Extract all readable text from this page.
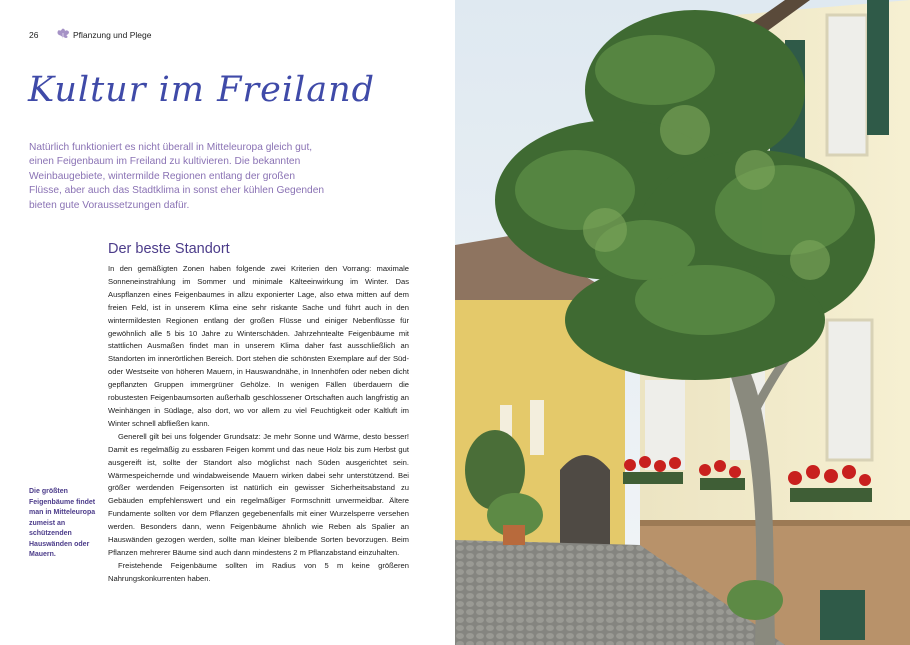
26	Pflanzung und Plege
Kultur im Freiland

Natürlich funktioniert es nicht überall in Mitteleuropa gleich gut, einen Feigenbaum im Freiland zu kultivieren. Die bekannten Weinbaugebiete, wintermilde Regionen entlang der großen Flüsse, aber auch das Stadtklima in sonst eher kühlen Gegenden bieten gute Voraussetzungen dafür.

Der beste Standort

In den gemäßigten Zonen haben folgende zwei Kriterien den Vorrang: maximale Sonneneinstrahlung im Sommer und minimale Kälteeinwirkung im Winter. Das Auspflanzen eines Feigenbaumes in allzu exponierter Lage, also etwa mitten auf dem freien Feld, ist in unserem Klima eine sehr riskante Sache und führt auch in den wintermildesten Regionen entlang der großen Flüsse und einiger Nebenflüsse für gewöhnlich alle 5 bis 10 Jahre zu Winterschäden. Jahrzehntealte Feigenbäume mit stattlichen Ausmaßen findet man in unserem Klima daher fast ausschließlich an Standorten im innerörtlichen Bereich. Dort stehen die schönsten Exemplare auf der Süd- oder Westseite von höheren Mauern, in Hauswandnähe, in Innenhöfen oder neben dicht gepflanzten Gruppen immergrüner Gehölze. In wenigen Fällen überdauern die robustesten Feigenbaumsorten außerhalb geschlossener Ortschaften auch langfristig an Weinhängen in Südlage, also dort, wo vor allem zu viel Feuchtigkeit oder Kaltluft im Winter schnell abfließen kann.

Generell gilt bei uns folgender Grundsatz: Je mehr Sonne und Wärme, desto besser! Damit es regelmäßig zu essbaren Feigen kommt und das neue Holz bis zum Herbst gut ausgereift ist, sollte der Standort also möglichst nach Süden ausgerichtet sein. Wärmespeichernde und windabweisende Mauern wirken dabei sehr unterstützend. Bei größer werdenden Feigensorten ist natürlich ein gewisser Sicherheitsabstand zu Gebäuden empfehlenswert und ein regelmäßiger Formschnitt unvermeidbar. Ältere Fundamente sollten vor dem Pflanzen gegebenenfalls mit einer Wurzelsperre versehen werden. Besonders dann, wenn Feigenbäume ähnlich wie Reben als Spalier an Hauswänden gezogen werden, sollte man kleiner bleibende Sorten bevorzugen. Beim Pflanzen mehrerer Bäume sind auch dann mindestens 2 m Pflanzabstand einzuhalten.

Freistehende Feigenbäume sollten im Radius von 5 m keine größeren Nahrungskonkurrenten haben.

Die größten Feigenbäume findet man in Mitteleuropa zumeist an schützenden Hauswänden oder Mauern.
